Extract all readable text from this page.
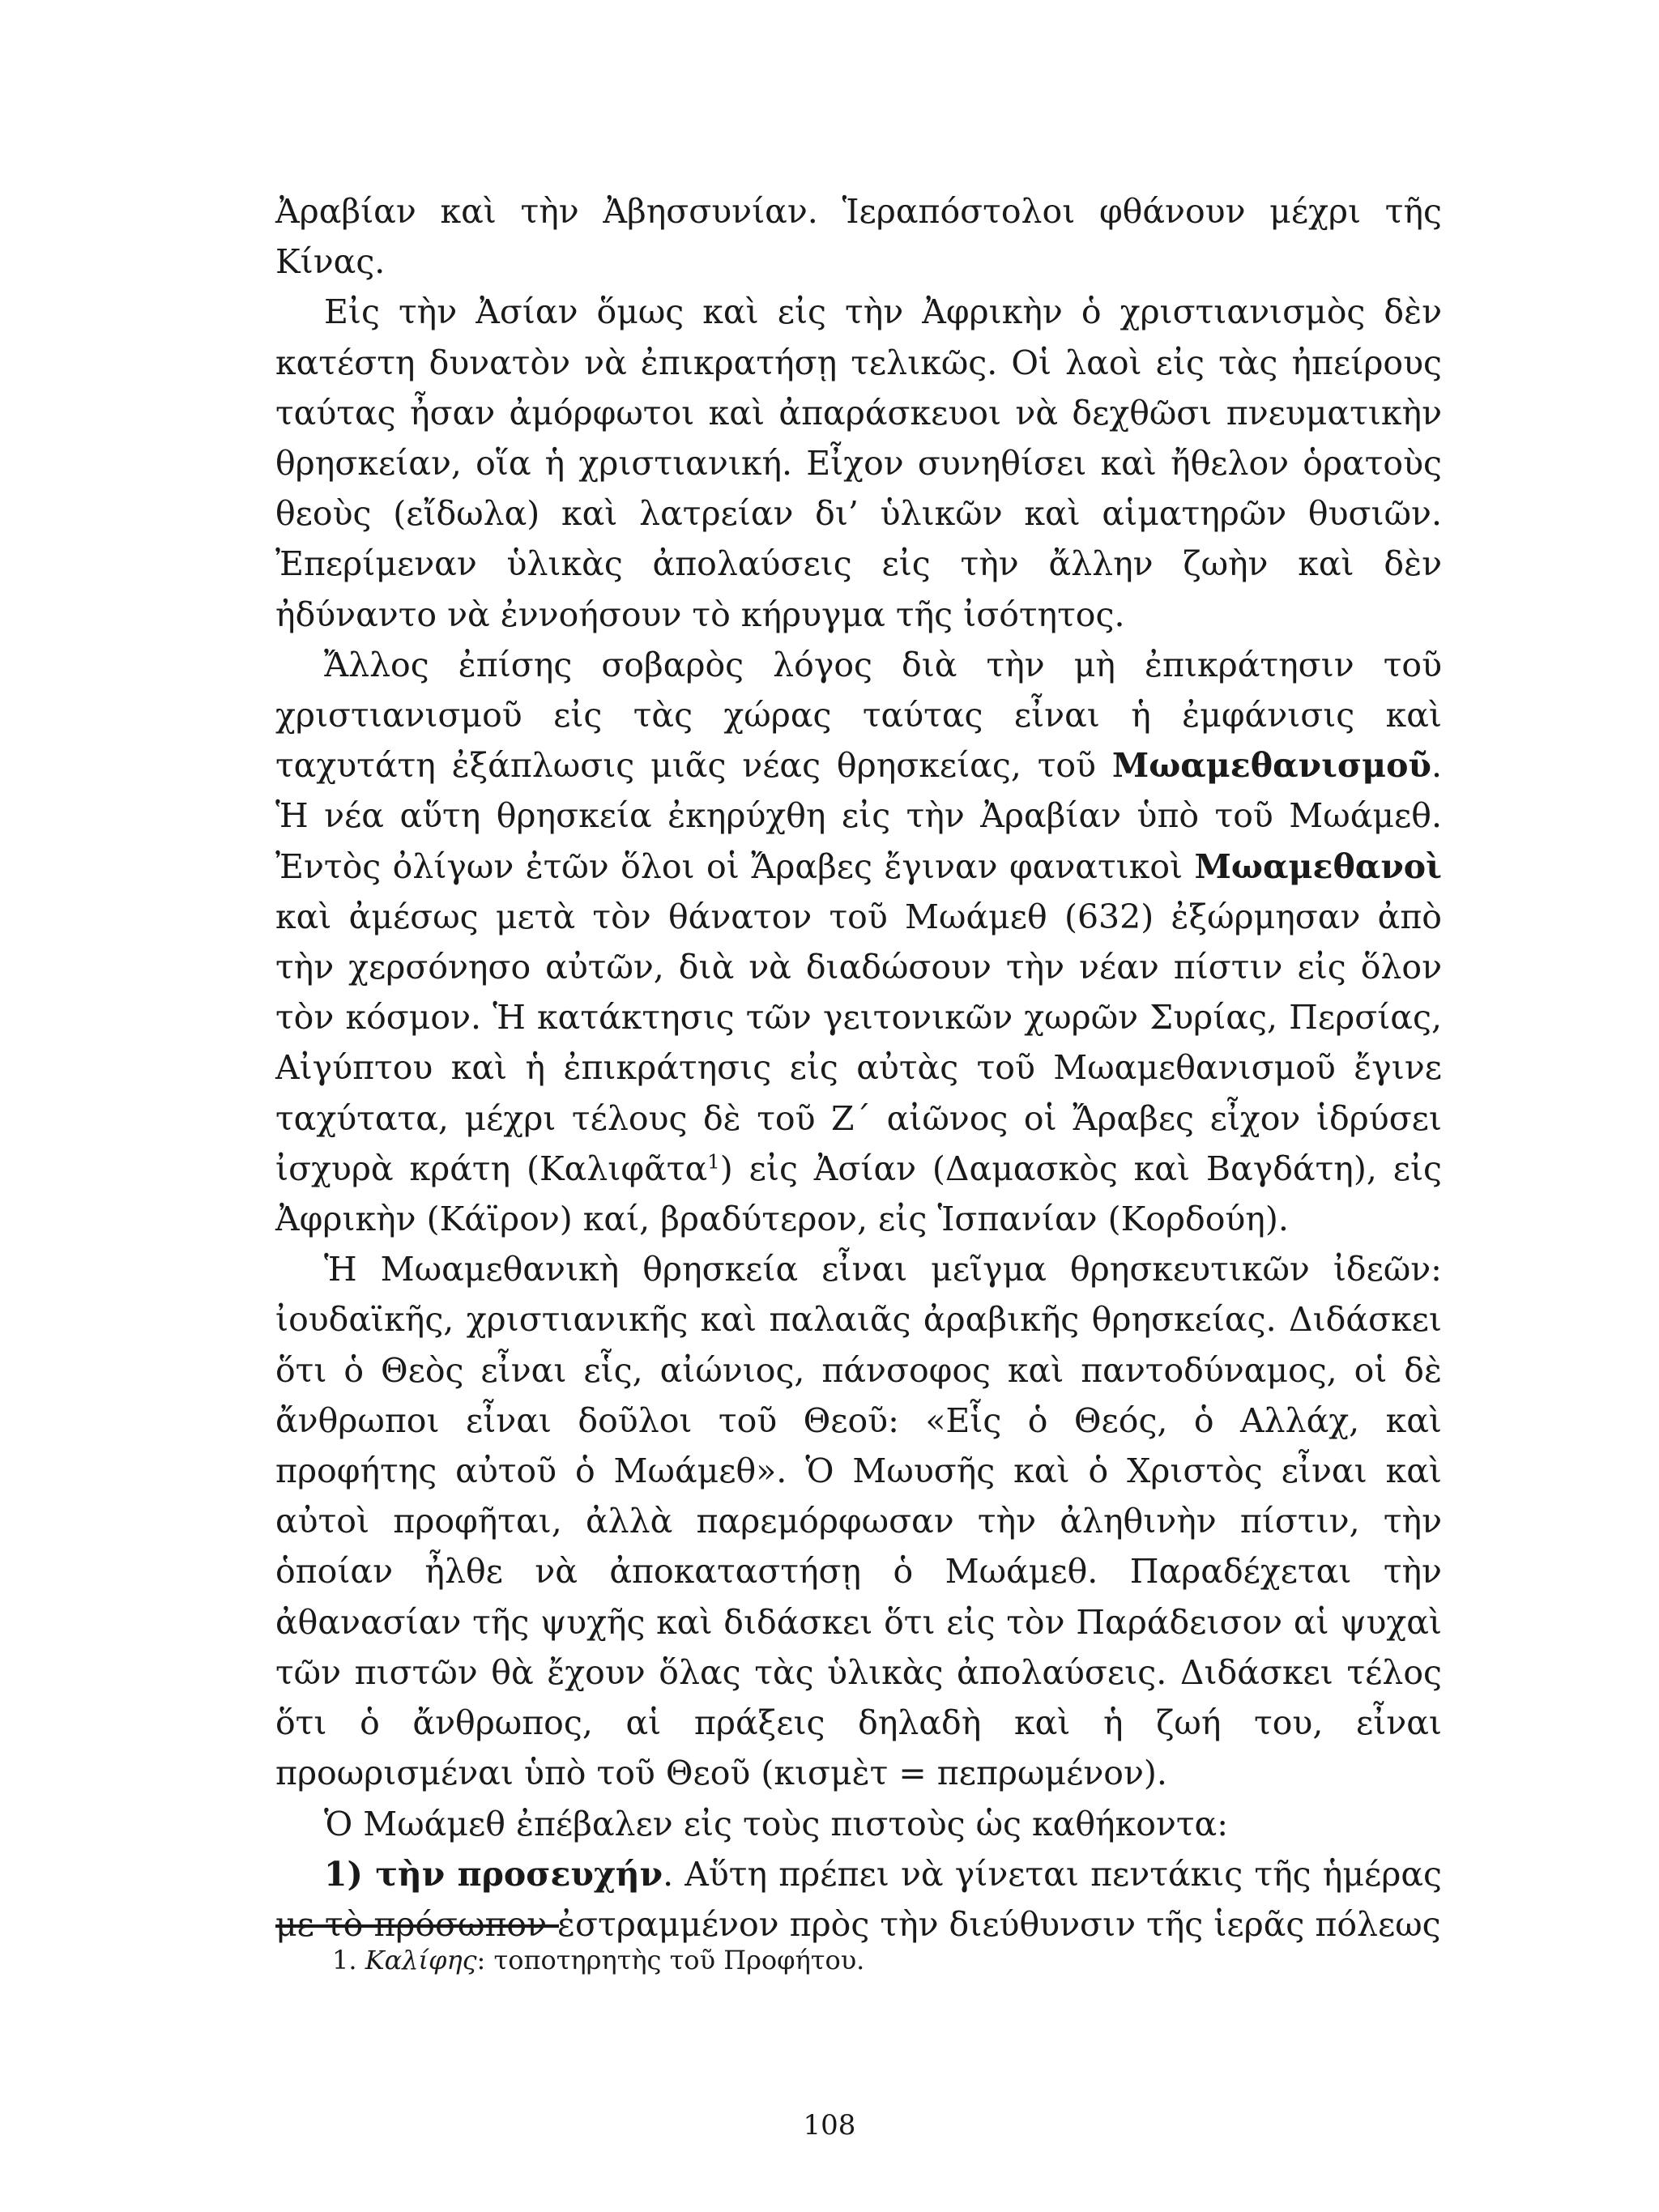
Ἀραβίαν καὶ τὴν Ἀβησσυνίαν. Ἱεραπόστολοι φθάνουν μέχρι τῆς Κίνας.

Εἰς τὴν Ἀσίαν ὅμως καὶ εἰς τὴν Ἀφρικὴν ὁ χριστιανισμὸς δὲν κατέστη δυνατὸν νὰ ἐπικρατήσῃ τελικῶς. Οἱ λαοὶ εἰς τὰς ἠπείρους ταύτας ἦσαν ἀμόρφωτοι καὶ ἀπαράσκευοι νὰ δεχθῶσι πνευματικὴν θρησκείαν, οἵα ἡ χριστιανική. Εἶχον συνηθίσει καὶ ἤθελον ὁρατοὺς θεοὺς (εἴδωλα) καὶ λατρείαν δι’ ὑλικῶν καὶ αἱματηρῶν θυσιῶν. Ἐπερίμεναν ὑλικὰς ἀπολαύσεις εἰς τὴν ἄλλην ζωὴν καὶ δὲν ἠδύναντο νὰ ἐννοήσουν τὸ κήρυγμα τῆς ἰσότητος.

Ἄλλος ἐπίσης σοβαρὸς λόγος διὰ τὴν μὴ ἐπικράτησιν τοῦ χριστιανισμοῦ εἰς τὰς χώρας ταύτας εἶναι ἡ ἐμφάνισις καὶ ταχυτάτη ἐξάπλωσις μιᾶς νέας θρησκείας, τοῦ Μωαμεθανισμοῦ. Ἡ νέα αὕτη θρησκεία ἐκηρύχθη εἰς τὴν Ἀραβίαν ὑπὸ τοῦ Μωάμεθ. Ἐντὸς ὀλίγων ἐτῶν ὅλοι οἱ Ἄραβες ἔγιναν φανατικοὶ Μωαμεθανοὶ καὶ ἀμέσως μετὰ τὸν θάνατον τοῦ Μωάμεθ (632) ἐξώρμησαν ἀπὸ τὴν χερσόνησο αὐτῶν, διὰ νὰ διαδώσουν τὴν νέαν πίστιν εἰς ὅλον τὸν κόσμον. Ἡ κατάκτησις τῶν γειτονικῶν χωρῶν Συρίας, Περσίας, Αἰγύπτου καὶ ἡ ἐπικράτησις εἰς αὐτὰς τοῦ Μωαμεθανισμοῦ ἔγινε ταχύτατα, μέχρι τέλους δὲ τοῦ Ζ΄ αἰῶνος οἱ Ἄραβες εἶχον ἱδρύσει ἰσχυρὰ κράτη (Καλιφᾶτα$^1$) εἰς Ἀσίαν (Δαμασκὸς καὶ Βαγδάτη), εἰς Ἀφρικὴν (Κάϊρον) καί, βραδύτερον, εἰς Ἱσπανίαν (Κορδούη).

Ἡ Μωαμεθανικὴ θρησκεία εἶναι μεῖγμα θρησκευτικῶν ἰδεῶν: ἰουδαϊκῆς, χριστιανικῆς καὶ παλαιᾶς ἀραβικῆς θρησκείας. Διδάσκει ὅτι ὁ Θεὸς εἶναι εἷς, αἰώνιος, πάνσοφος καὶ παντοδύναμος, οἱ δὲ ἄνθρωποι εἶναι δοῦλοι τοῦ Θεοῦ: «Εἷς ὁ Θεός, ὁ Αλλάχ, καὶ προφήτης αὐτοῦ ὁ Μωάμεθ». Ὁ Μωυσῆς καὶ ὁ Χριστὸς εἶναι καὶ αὐτοὶ προφῆται, ἀλλὰ παρεμόρφωσαν τὴν ἀληθινὴν πίστιν, τὴν ὁποίαν ἦλθε νὰ ἀποκαταστήσῃ ὁ Μωάμεθ. Παραδέχεται τὴν ἀθανασίαν τῆς ψυχῆς καὶ διδάσκει ὅτι εἰς τὸν Παράδεισον αἱ ψυχαὶ τῶν πιστῶν θὰ ἔχουν ὅλας τὰς ὑλικὰς ἀπολαύσεις. Διδάσκει τέλος ὅτι ὁ ἄνθρωπος, αἱ πράξεις δηλαδὴ καὶ ἡ ζωή του, εἶναι προωρισμέναι ὑπὸ τοῦ Θεοῦ (κισμὲτ = πεπρωμένον).

Ὁ Μωάμεθ ἐπέβαλεν εἰς τοὺς πιστοὺς ὡς καθήκοντα:

1) τὴν προσευχήν. Αὕτη πρέπει νὰ γίνεται πεντάκις τῆς ἡμέρας με τὸ πρόσωπον ἐστραμμένον πρὸς τὴν διεύθυνσιν τῆς ἱερᾶς πόλεως

1. Καλίφης: τοποτηρητὴς τοῦ Προφήτου.
108
